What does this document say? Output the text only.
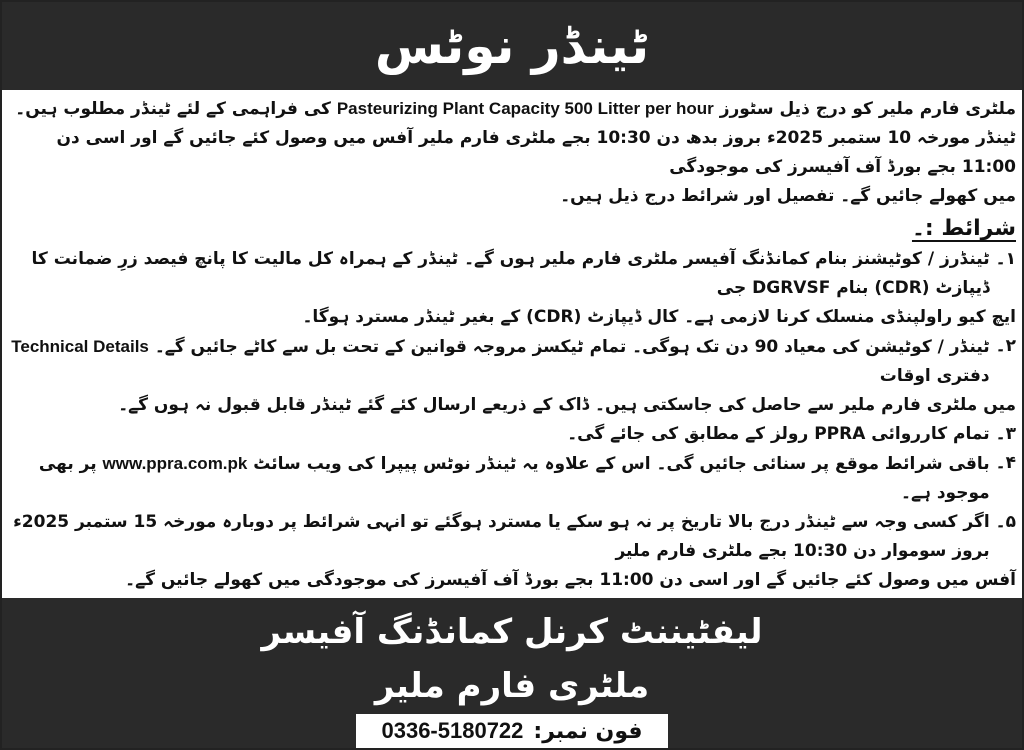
ٹینڈر نوٹس

ملٹری فارم ملیر کو درج ذیل سٹورز Pasteurizing Plant Capacity 500 Litter per hour کی فراہمی کے لئے ٹینڈر مطلوب ہیں۔

ٹینڈر مورخہ 10 ستمبر 2025ء بروز بدھ دن 10:30 بجے ملٹری فارم ملیر آفس میں وصول کئے جائیں گے اور اسی دن 11:00 بجے بورڈ آف آفیسرز کی موجودگی

میں کھولے جائیں گے۔ تفصیل اور شرائط درج ذیل ہیں۔

شرائط :۔

۱۔
ٹینڈرز / کوٹیشنز بنام کمانڈنگ آفیسر ملٹری فارم ملیر ہوں گے۔ ٹینڈر کے ہمراہ کل مالیت کا پانچ فیصد زرِ ضمانت کا ڈیپازٹ (CDR) بنام DGRVSF جی

ایچ کیو راولپنڈی منسلک کرنا لازمی ہے۔ کال ڈیپازٹ (CDR) کے بغیر ٹینڈر مسترد ہوگا۔

۲۔
ٹینڈر / کوٹیشن کی معیاد 90 دن تک ہوگی۔ تمام ٹیکسز مروجہ قوانین کے تحت بل سے کاٹے جائیں گے۔ Technical Details دفتری اوقات

میں ملٹری فارم ملیر سے حاصل کی جاسکتی ہیں۔ ڈاک کے ذریعے ارسال کئے گئے ٹینڈر قابل قبول نہ ہوں گے۔

۳۔
تمام کارروائی PPRA رولز کے مطابق کی جائے گی۔
۴۔
باقی شرائط موقع پر سنائی جائیں گی۔ اس کے علاوہ یہ ٹینڈر نوٹس پیپرا کی ویب سائٹ www.ppra.com.pk پر بھی موجود ہے۔
۵۔
اگر کسی وجہ سے ٹینڈر درج بالا تاریخ پر نہ ہو سکے یا مسترد ہوگئے تو انہی شرائط پر دوبارہ مورخہ 15 ستمبر 2025ء بروز سوموار دن 10:30 بجے ملٹری فارم ملیر

آفس میں وصول کئے جائیں گے اور اسی دن 11:00 بجے بورڈ آف آفیسرز کی موجودگی میں کھولے جائیں گے۔

لیفٹیننٹ کرنل کمانڈنگ آفیسر
ملٹری فارم ملیر
فون نمبر:
0336-5180722
